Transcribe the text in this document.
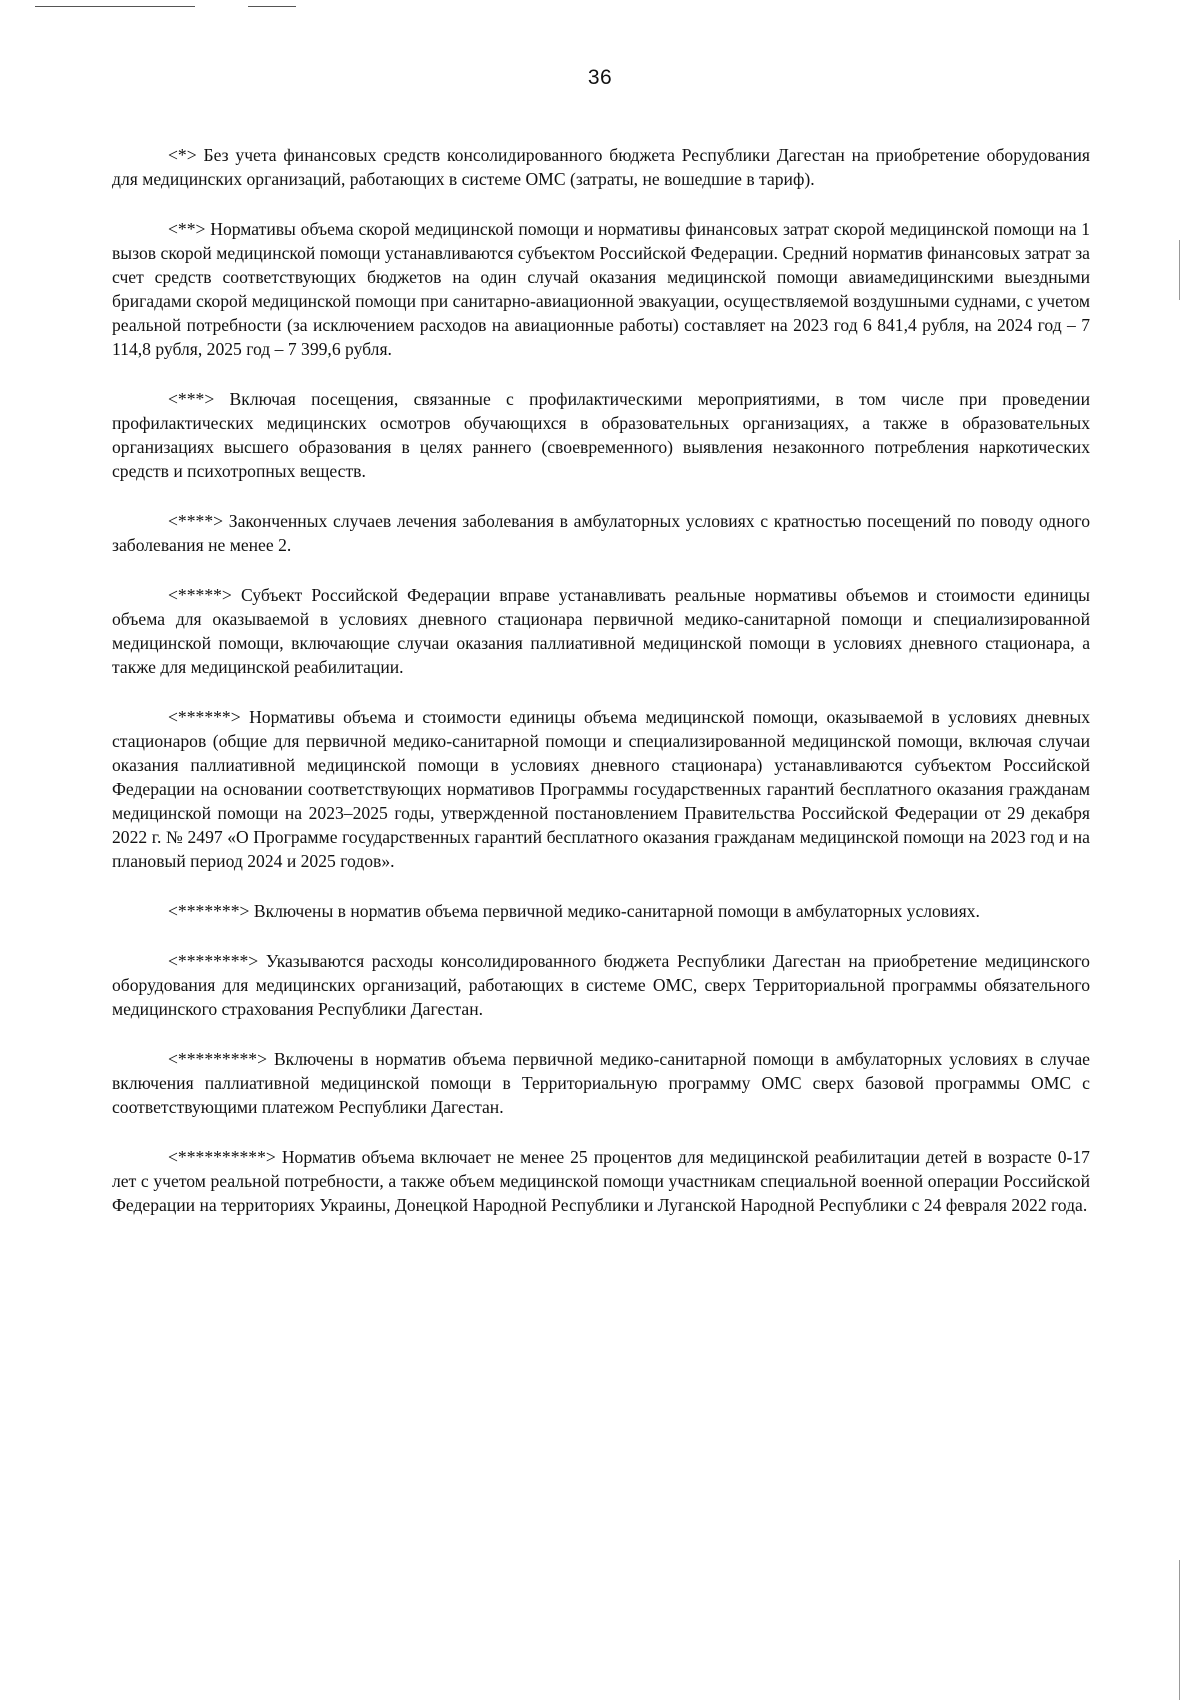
36

<*> Без учета финансовых средств консолидированного бюджета Республики Дагестан на приобретение оборудования для медицинских организаций, работающих в системе ОМС (затраты, не вошедшие в тариф).

<**> Нормативы объема скорой медицинской помощи и нормативы финансовых затрат скорой медицинской помощи на 1 вызов скорой медицинской помощи устанавливаются субъектом Российской Федерации. Средний норматив финансовых затрат за счет средств соответствующих бюджетов на один случай оказания медицинской помощи авиамедицинскими выездными бригадами скорой медицинской помощи при санитарно-авиационной эвакуации, осуществляемой воздушными суднами, с учетом реальной потребности (за исключением расходов на авиационные работы) составляет на 2023 год 6 841,4 рубля, на 2024 год – 7 114,8 рубля, 2025 год – 7 399,6 рубля.

<***> Включая посещения, связанные с профилактическими мероприятиями, в том числе при проведении профилактических медицинских осмотров обучающихся в образовательных организациях, а также в образовательных организациях высшего образования в целях раннего (своевременного) выявления незаконного потребления наркотических средств и психотропных веществ.

<****> Законченных случаев лечения заболевания в амбулаторных условиях с кратностью посещений по поводу одного заболевания не менее 2.

<*****> Субъект Российской Федерации вправе устанавливать реальные нормативы объемов и стоимости единицы объема для оказываемой в условиях дневного стационара первичной медико-санитарной помощи и специализированной медицинской помощи, включающие случаи оказания паллиативной медицинской помощи в условиях дневного стационара, а также для медицинской реабилитации.

<******> Нормативы объема и стоимости единицы объема медицинской помощи, оказываемой в условиях дневных стационаров (общие для первичной медико-санитарной помощи и специализированной медицинской помощи, включая случаи оказания паллиативной медицинской помощи в условиях дневного стационара) устанавливаются субъектом Российской Федерации на основании соответствующих нормативов Программы государственных гарантий бесплатного оказания гражданам медицинской помощи на 2023–2025 годы, утвержденной постановлением Правительства Российской Федерации от 29 декабря 2022 г. № 2497 «О Программе государственных гарантий бесплатного оказания гражданам медицинской помощи на 2023 год и на плановый период 2024 и 2025 годов».

<*******> Включены в норматив объема первичной медико-санитарной помощи в амбулаторных условиях.

<********> Указываются расходы консолидированного бюджета Республики Дагестан на приобретение медицинского оборудования для медицинских организаций, работающих в системе ОМС, сверх Территориальной программы обязательного медицинского страхования Республики Дагестан.

<*********> Включены в норматив объема первичной медико-санитарной помощи в амбулаторных условиях в случае включения паллиативной медицинской помощи в Территориальную программу ОМС сверх базовой программы ОМС с соответствующими платежом Республики Дагестан.

<**********> Норматив объема включает не менее 25 процентов для медицинской реабилитации детей в возрасте 0-17 лет с учетом реальной потребности, а также объем медицинской помощи участникам специальной военной операции Российской Федерации на территориях Украины, Донецкой Народной Республики и Луганской Народной Республики с 24 февраля 2022 года.
